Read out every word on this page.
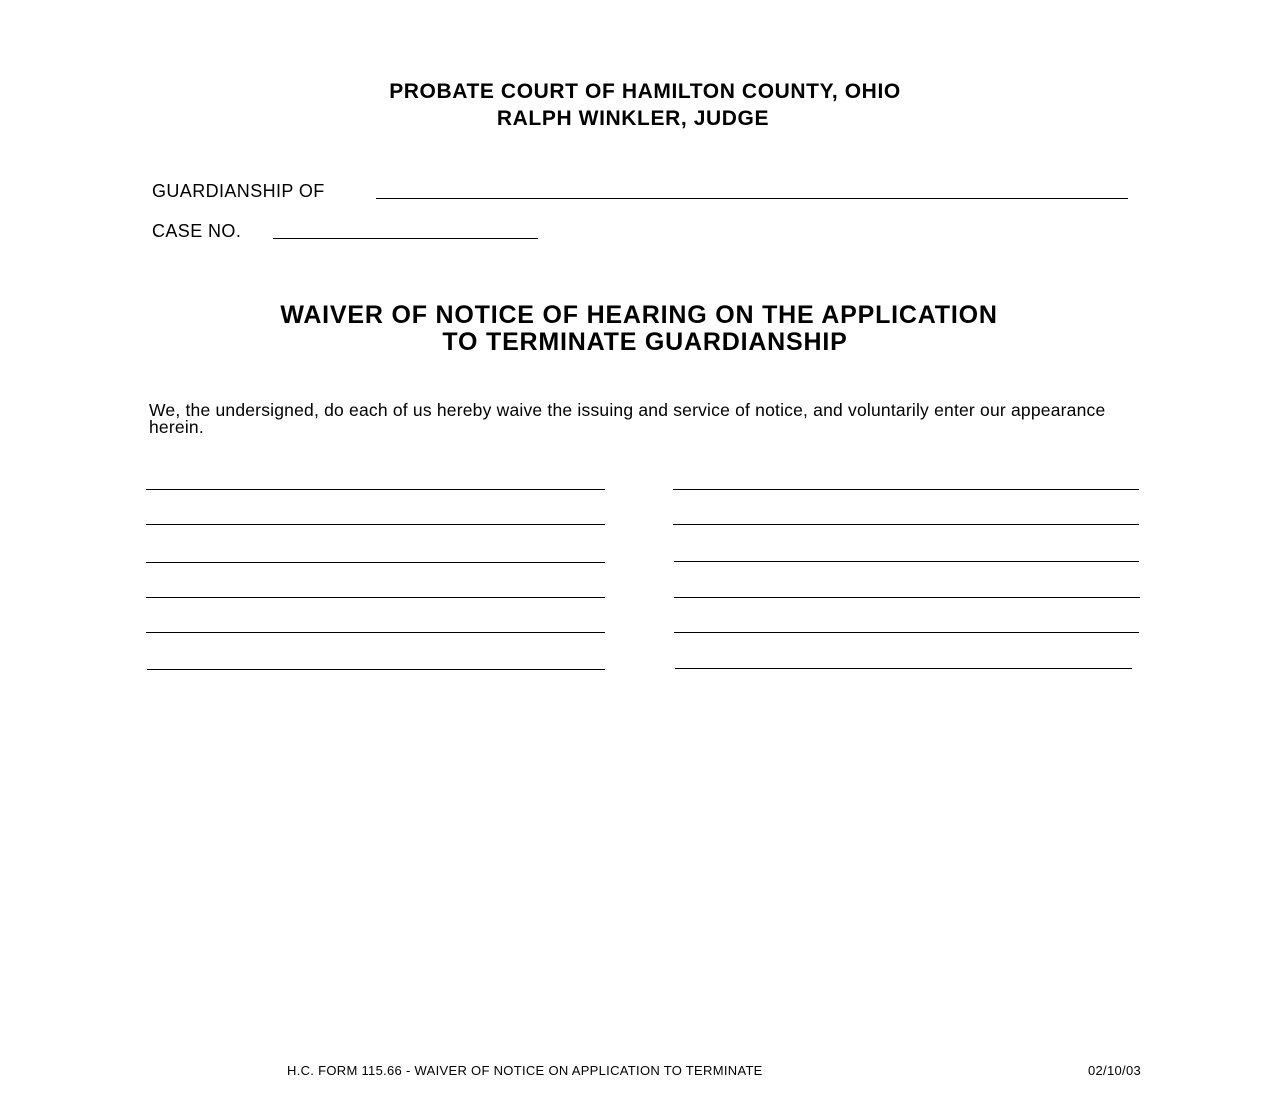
PROBATE COURT OF HAMILTON COUNTY, OHIO
RALPH WINKLER, JUDGE
GUARDIANSHIP OF
CASE NO.
WAIVER OF NOTICE OF HEARING ON THE APPLICATION
TO TERMINATE GUARDIANSHIP
We, the undersigned, do each of us hereby waive the issuing and service of notice, and voluntarily enter our appearance herein.
H.C. FORM 115.66 - WAIVER OF NOTICE ON APPLICATION TO TERMINATE	02/10/03
